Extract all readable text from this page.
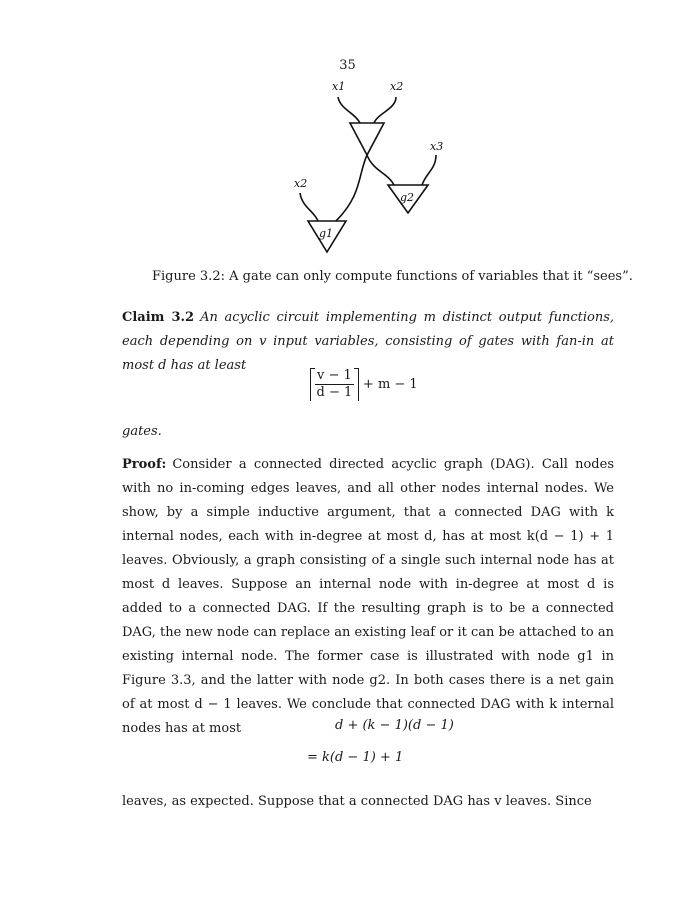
35
x1	x2
x3
x2
g2
g1
Figure 3.2: A gate can only compute functions of variables that it “sees”.
Claim 3.2 An acyclic circuit implementing m distinct output functions, each depending on v input variables, consisting of gates with fan-in at most d has at least
$\frac{v - 1}{d - 1} + m - 1$
gates.
Proof: Consider a connected directed acyclic graph (DAG). Call nodes with no in-coming edges leaves, and all other nodes internal nodes. We show, by a simple inductive argument, that a connected DAG with k internal nodes, each with in-degree at most d, has at most k(d − 1) + 1 leaves. Obviously, a graph consisting of a single such internal node has at most d leaves. Suppose an internal node with in-degree at most d is added to a connected DAG. If the resulting graph is to be a connected DAG, the new node can replace an existing leaf or it can be attached to an existing internal node. The former case is illustrated with node g1 in Figure 3.3, and the latter with node g2. In both cases there is a net gain of at most d − 1 leaves. We conclude that connected DAG with k internal nodes has at most	d + (k − 1)(d − 1)
= k(d − 1) + 1
leaves, as expected. Suppose that a connected DAG has v leaves. Since
